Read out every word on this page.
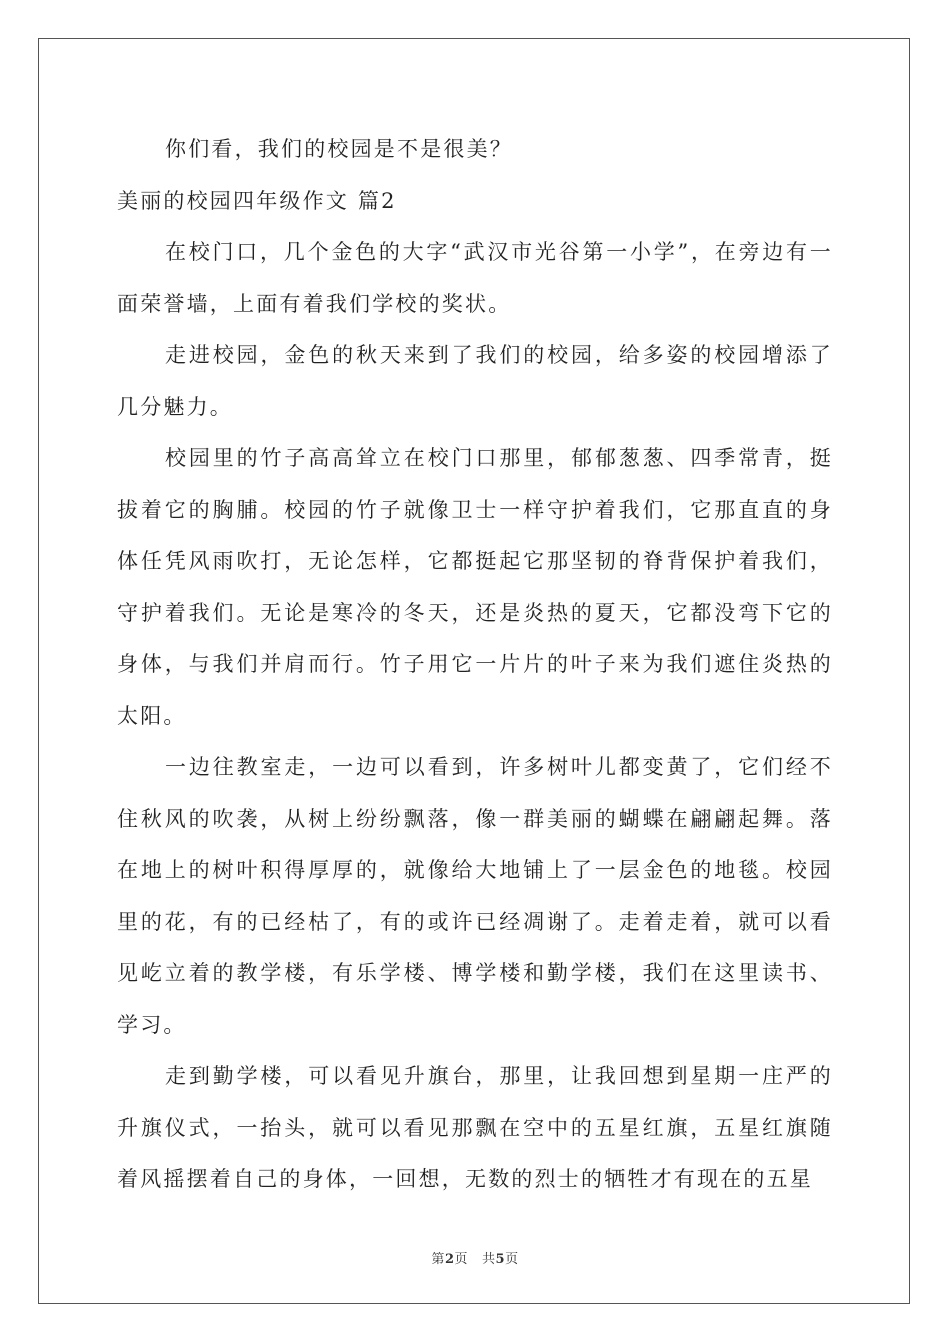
你们看，我们的校园是不是很美？

美丽的校园四年级作文 篇2

在校门口，几个金色的大字“武汉市光谷第一小学”，在旁边有一面荣誉墙，上面有着我们学校的奖状。

走进校园，金色的秋天来到了我们的校园，给多姿的校园增添了几分魅力。

校园里的竹子高高耸立在校门口那里，郁郁葱葱、四季常青，挺拔着它的胸脯。校园的竹子就像卫士一样守护着我们，它那直直的身体任凭风雨吹打，无论怎样，它都挺起它那坚韧的脊背保护着我们，守护着我们。无论是寒冷的冬天，还是炎热的夏天，它都没弯下它的身体，与我们并肩而行。竹子用它一片片的叶子来为我们遮住炎热的太阳。

一边往教室走，一边可以看到，许多树叶儿都变黄了，它们经不住秋风的吹袭，从树上纷纷飘落，像一群美丽的蝴蝶在翩翩起舞。落在地上的树叶积得厚厚的，就像给大地铺上了一层金色的地毯。校园里的花，有的已经枯了，有的或许已经凋谢了。走着走着，就可以看见屹立着的教学楼，有乐学楼、博学楼和勤学楼，我们在这里读书、学习。

走到勤学楼，可以看见升旗台，那里，让我回想到星期一庄严的升旗仪式，一抬头，就可以看见那飘在空中的五星红旗，五星红旗随着风摇摆着自己的身体，一回想，无数的烈士的牺牲才有现在的五星

第2页 共5页
